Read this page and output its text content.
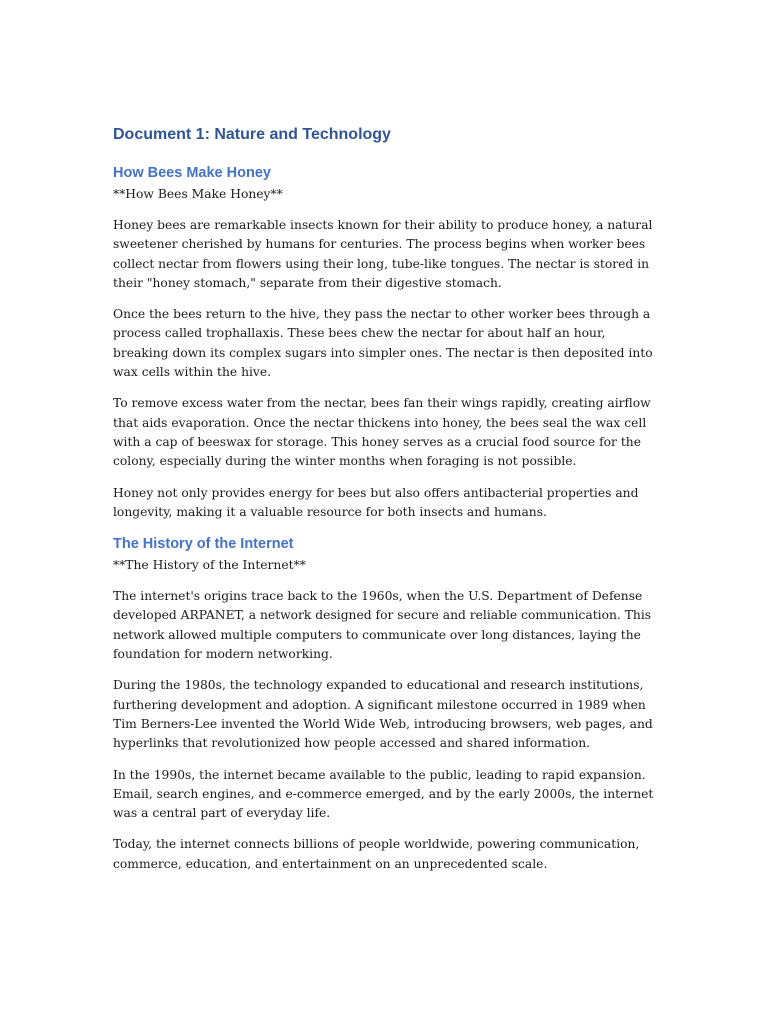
Document 1: Nature and Technology
How Bees Make Honey

**How Bees Make Honey**

Honey bees are remarkable insects known for their ability to produce honey, a natural sweetener cherished by humans for centuries. The process begins when worker bees collect nectar from flowers using their long, tube-like tongues. The nectar is stored in their "honey stomach," separate from their digestive stomach.

Once the bees return to the hive, they pass the nectar to other worker bees through a process called trophallaxis. These bees chew the nectar for about half an hour, breaking down its complex sugars into simpler ones. The nectar is then deposited into wax cells within the hive.

To remove excess water from the nectar, bees fan their wings rapidly, creating airflow that aids evaporation. Once the nectar thickens into honey, the bees seal the wax cell with a cap of beeswax for storage. This honey serves as a crucial food source for the colony, especially during the winter months when foraging is not possible.

Honey not only provides energy for bees but also offers antibacterial properties and longevity, making it a valuable resource for both insects and humans.

The History of the Internet

**The History of the Internet**

The internet's origins trace back to the 1960s, when the U.S. Department of Defense developed ARPANET, a network designed for secure and reliable communication. This network allowed multiple computers to communicate over long distances, laying the foundation for modern networking.

During the 1980s, the technology expanded to educational and research institutions, furthering development and adoption. A significant milestone occurred in 1989 when Tim Berners-Lee invented the World Wide Web, introducing browsers, web pages, and hyperlinks that revolutionized how people accessed and shared information.

In the 1990s, the internet became available to the public, leading to rapid expansion. Email, search engines, and e-commerce emerged, and by the early 2000s, the internet was a central part of everyday life.

Today, the internet connects billions of people worldwide, powering communication, commerce, education, and entertainment on an unprecedented scale.
